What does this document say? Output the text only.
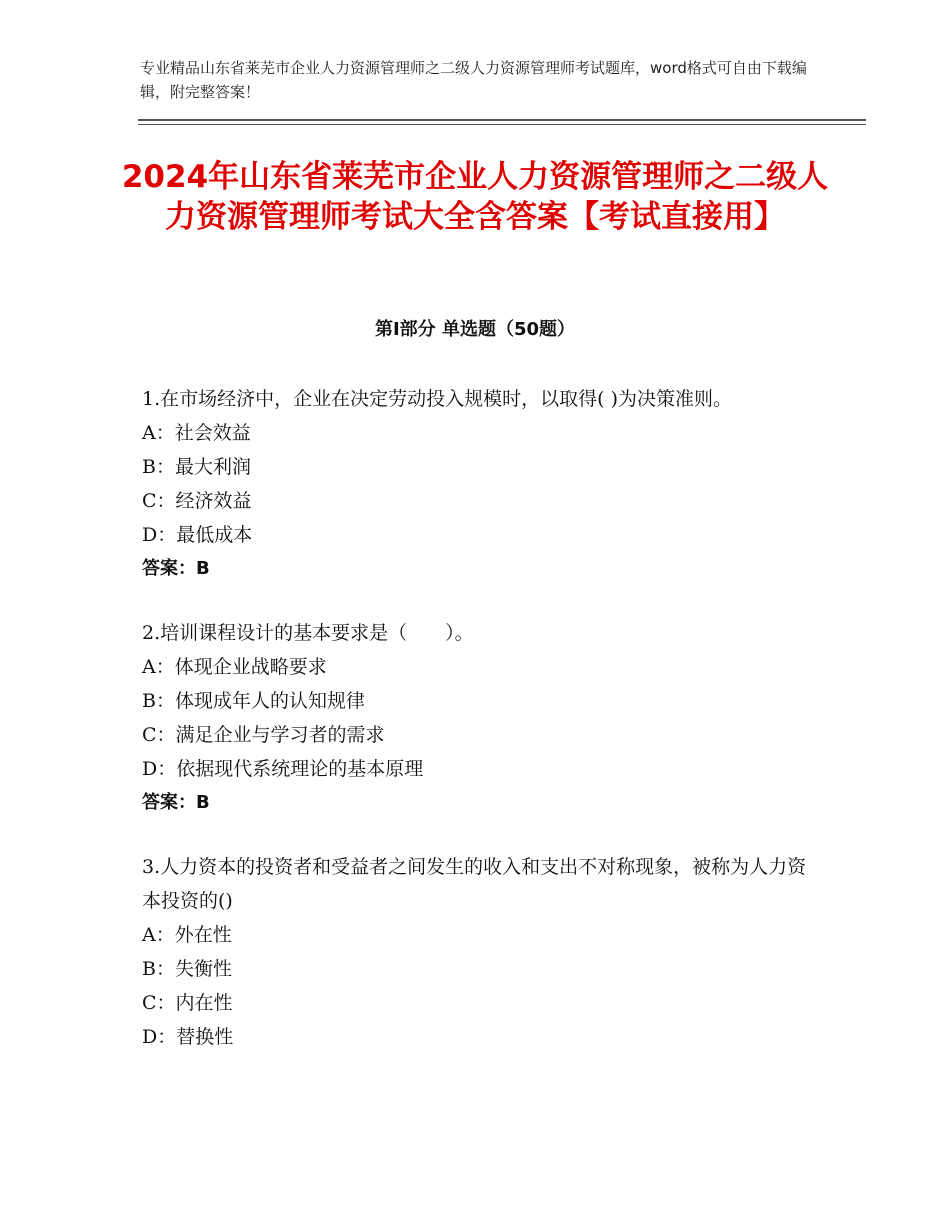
专业精品山东省莱芜市企业人力资源管理师之二级人力资源管理师考试题库，word格式可自由下载编辑，附完整答案！

2024年山东省莱芜市企业人力资源管理师之二级人力资源管理师考试大全含答案【考试直接用】
第Ⅰ部分 单选题（50题）

1.在市场经济中，企业在决定劳动投入规模时，以取得( )为决策准则。

A：社会效益

B：最大利润

C：经济效益

D：最低成本

答案：B

2.培训课程设计的基本要求是（　　）。

A：体现企业战略要求

B：体现成年人的认知规律

C：满足企业与学习者的需求

D：依据现代系统理论的基本原理

答案：B

3.人力资本的投资者和受益者之间发生的收入和支出不对称现象，被称为人力资本投资的()

A：外在性

B：失衡性

C：内在性

D：替换性
